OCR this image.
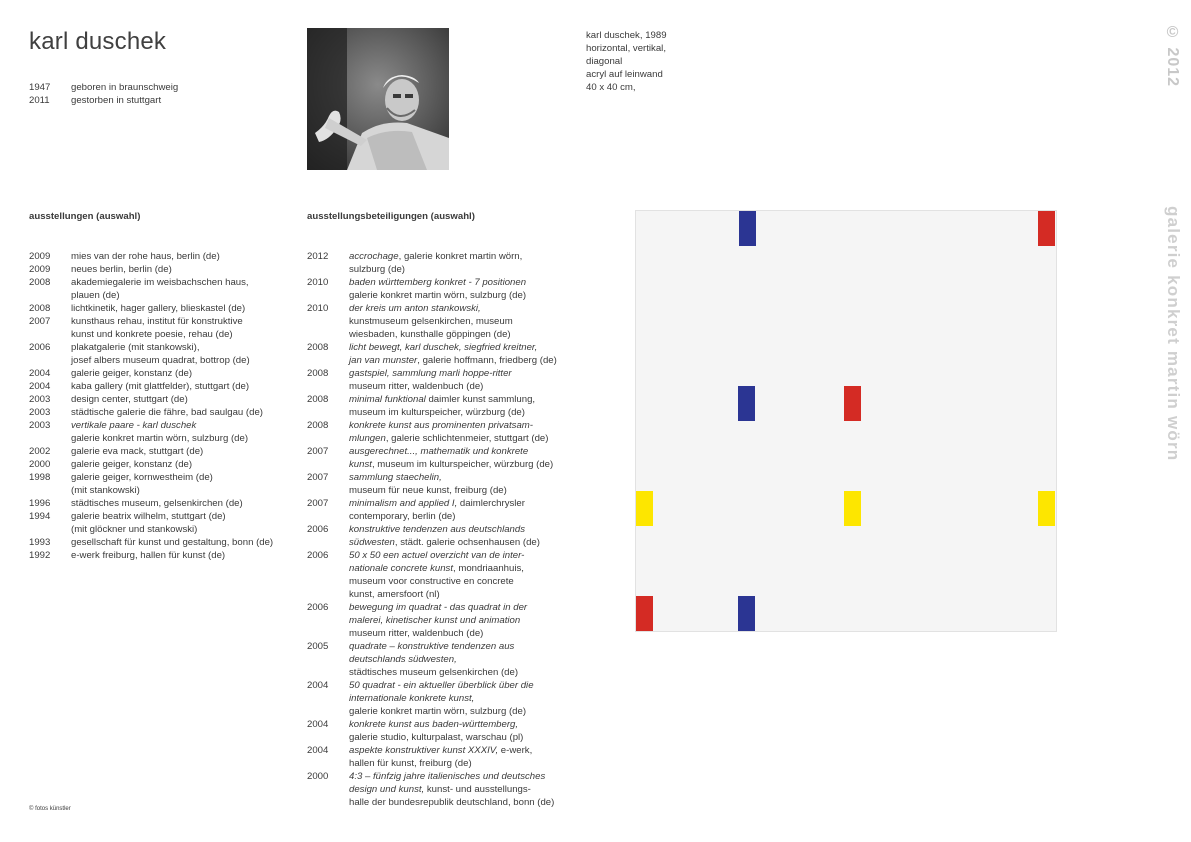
karl duschek
1947	geboren in braunschweig
2011	gestorben in stuttgart
karl duschek, 1989
horizontal, vertikal,
diagonal
acryl auf leinwand
40 x 40 cm,
ausstellungen (auswahl)	ausstellungsbeteiligungen (auswahl)
2009	mies van der rohe haus, berlin (de)
2009	neues berlin, berlin (de)
2008	akademiegalerie im weisbachschen haus,
plauen (de)
2008	lichtkinetik, hager gallery, blieskastel (de)
2007	kunsthaus rehau, institut für konstruktive
kunst und konkrete poesie, rehau (de)
2006	plakatgalerie (mit stankowski),
josef albers museum quadrat, bottrop (de)
2004	galerie geiger, konstanz (de)
2004	kaba gallery (mit glattfelder), stuttgart (de)
2003	design center, stuttgart (de)
2003	städtische galerie die fähre, bad saulgau (de)
2003	vertikale paare - karl duschek
galerie konkret martin wörn, sulzburg (de)
2002	galerie eva mack, stuttgart (de)
2000	galerie geiger, konstanz (de)
1998	galerie geiger, kornwestheim (de)
(mit stankowski)
1996	städtisches museum, gelsenkirchen (de)
1994	galerie beatrix wilhelm, stuttgart (de)
(mit glöckner und stankowski)
1993	gesellschaft für kunst und gestaltung, bonn (de)
1992	e-werk freiburg, hallen für kunst (de)
2012	accrochage, galerie konkret martin wörn,
sulzburg (de)
2010	baden württemberg konkret - 7 positionen
galerie konkret martin wörn, sulzburg (de)
2010	der kreis um anton stankowski,
kunstmuseum gelsenkirchen, museum
wiesbaden, kunsthalle göppingen (de)
2008	licht bewegt, karl duschek, siegfried kreitner,
jan van munster, galerie hoffmann, friedberg (de)
2008	gastspiel, sammlung marli hoppe-ritter
museum ritter, waldenbuch (de)
2008	minimal funktional daimler kunst sammlung,
museum im kulturspeicher, würzburg (de)
2008	konkrete kunst aus prominenten privatsam-
mlungen, galerie schlichtenmeier, stuttgart (de)
2007	ausgerechnet..., mathematik und konkrete
kunst, museum im kulturspeicher, würzburg (de)
2007	sammlung staechelin,
museum für neue kunst, freiburg (de)
2007	minimalism and applied I, daimlerchrysler
contemporary, berlin (de)
2006	konstruktive tendenzen aus deutschlands
südwesten, städt. galerie ochsenhausen (de)
2006	50 x 50 een actuel overzicht van de inter-
nationale concrete kunst, mondriaanhuis,
museum voor constructive en concrete
kunst, amersfoort (nl)
2006	bewegung im quadrat - das quadrat in der
malerei, kinetischer kunst und animation
museum ritter, waldenbuch (de)
2005	quadrate – konstruktive tendenzen aus
deutschlands südwesten,
städtisches museum gelsenkirchen (de)
2004	50 quadrat - ein aktueller überblick über die
internationale konkrete kunst,
galerie konkret martin wörn, sulzburg (de)
2004	konkrete kunst aus baden-württemberg,
galerie studio, kulturpalast, warschau (pl)
2004	aspekte konstruktiver kunst XXXIV, e-werk,
hallen für kunst, freiburg (de)
2000	4:3 – fünfzig jahre italienisches und deutsches
design und kunst, kunst- und ausstellungs-
halle der bundesrepublik deutschland, bonn (de)
© fotos künstler
© 2012
galerie konkret martin wörn
